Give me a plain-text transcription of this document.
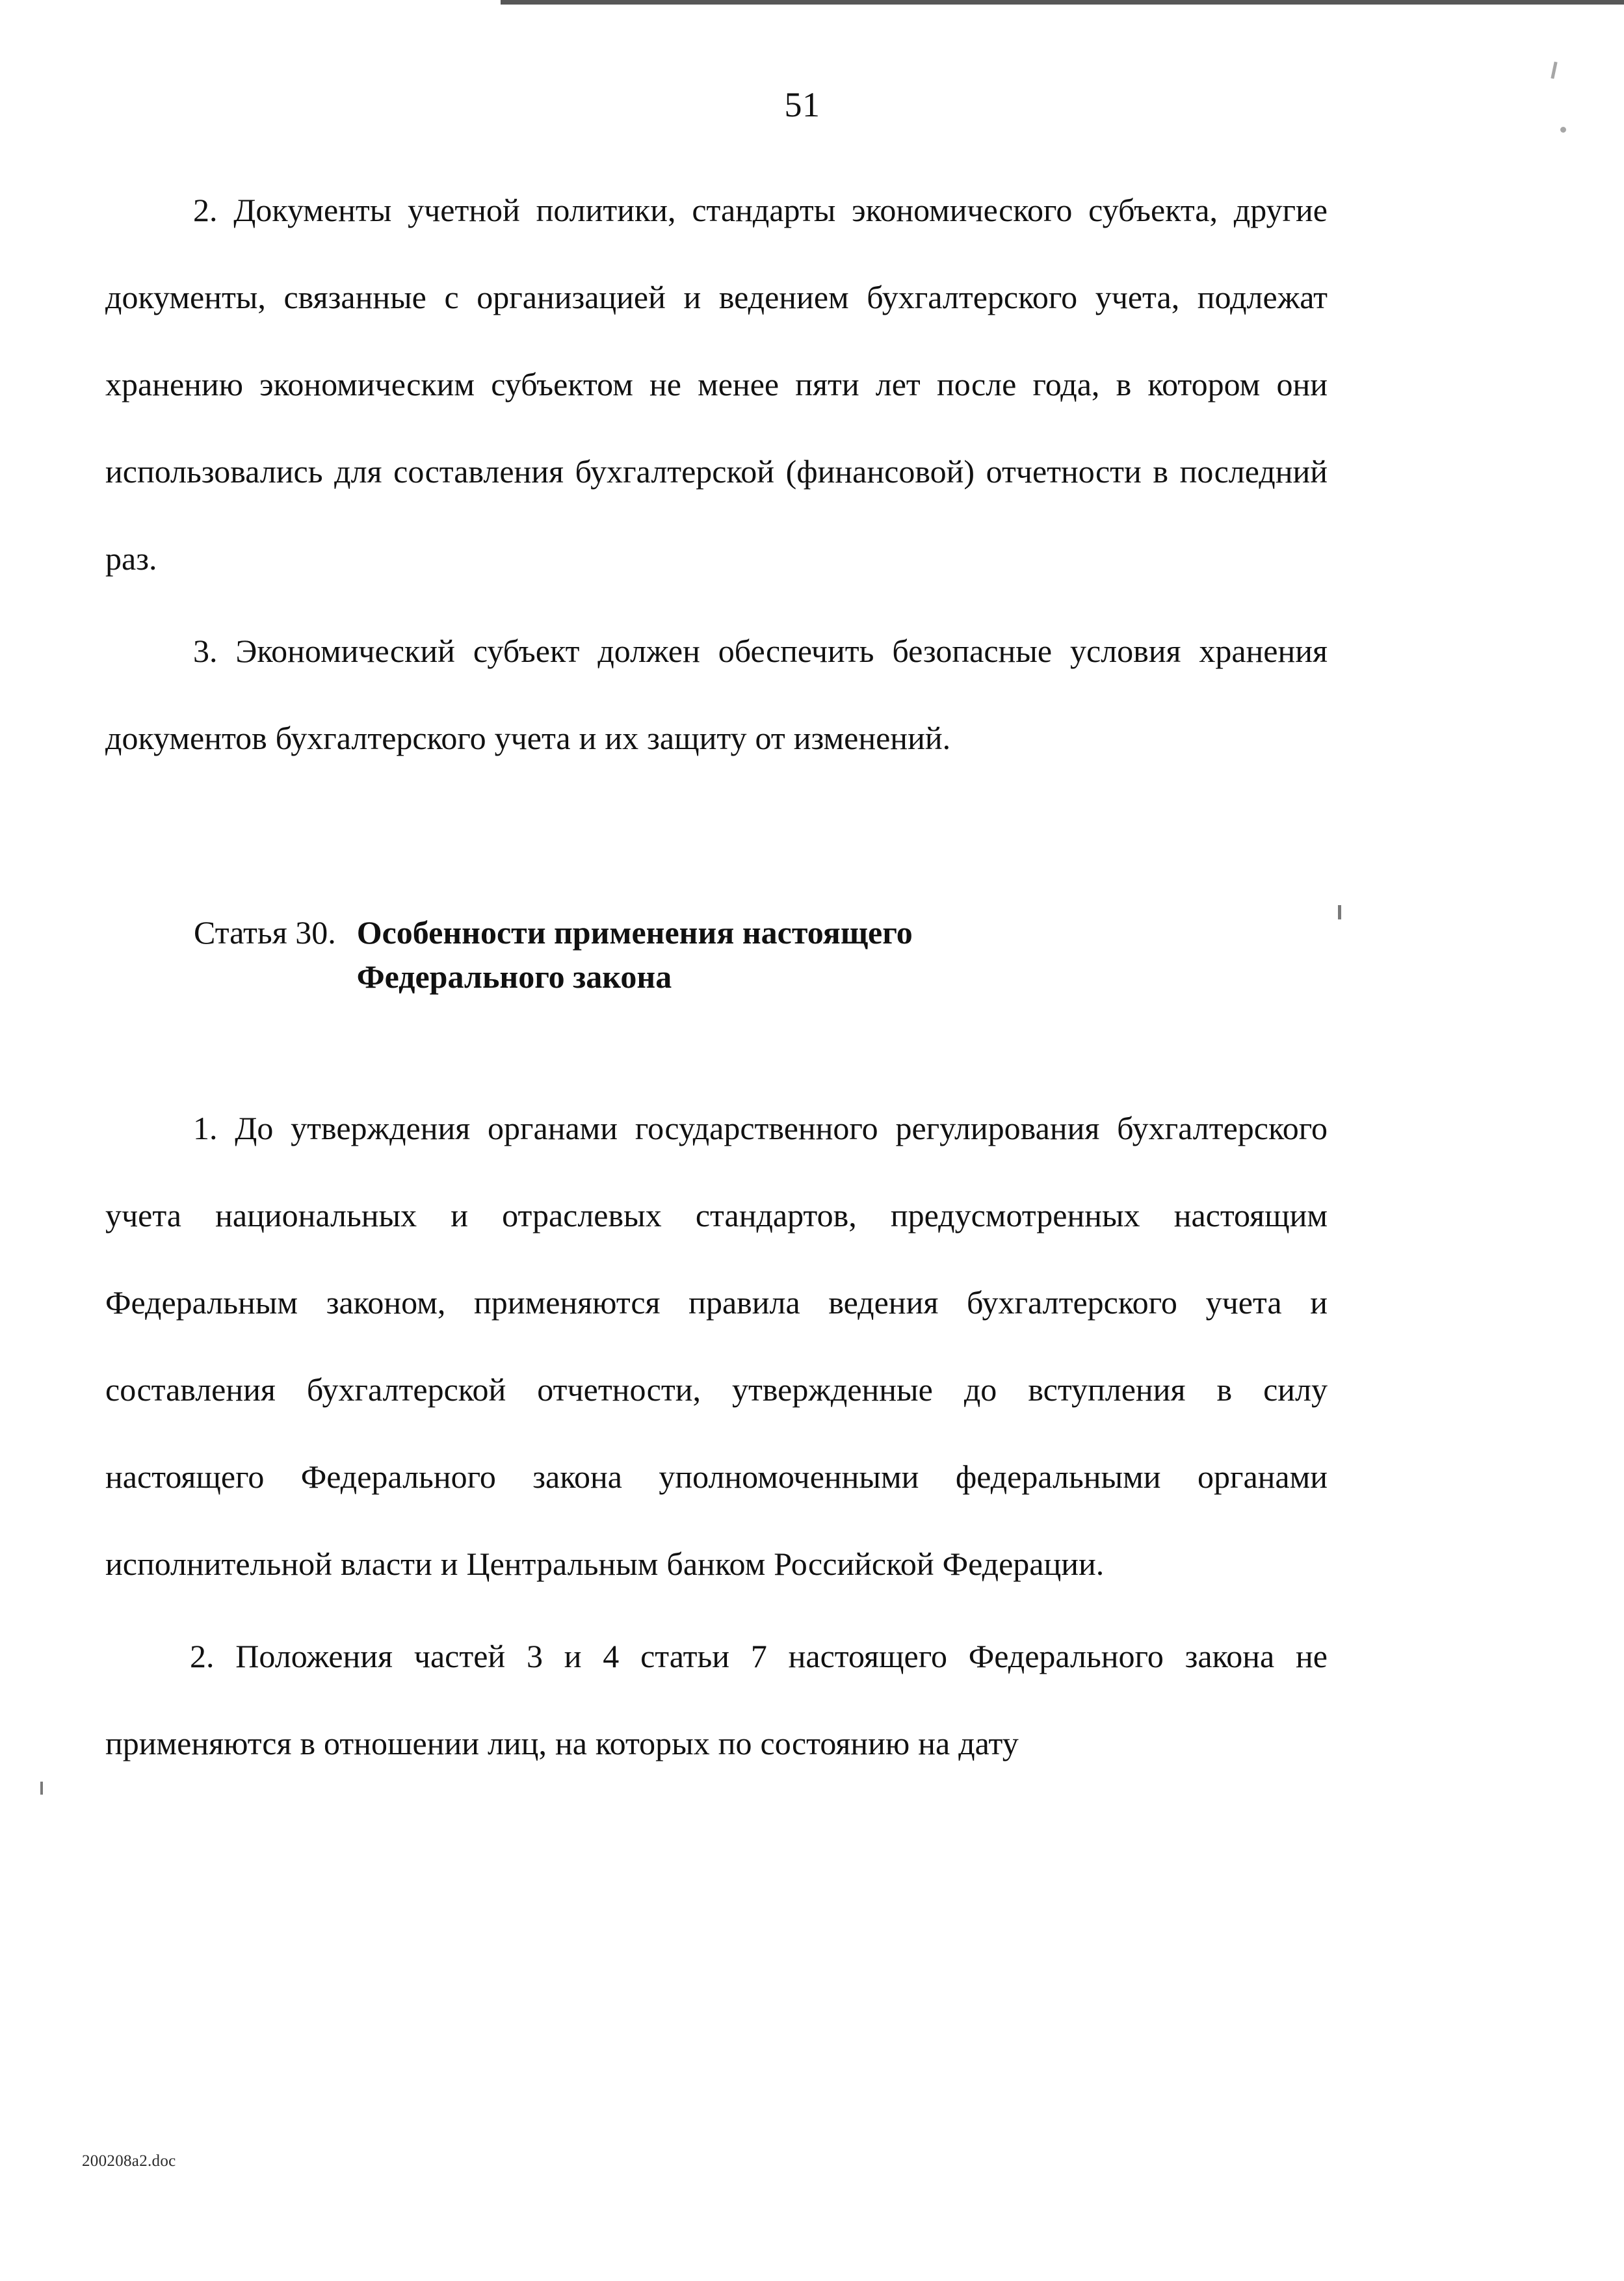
51

2. Документы учетной политики, стандарты экономического субъекта, другие документы, связанные с организацией и ведением бухгалтерского учета, подлежат хранению экономическим субъектом не менее пяти лет после года, в котором они использовались для составления бухгалтерской (финансовой) отчетности в последний раз.

3. Экономический субъект должен обеспечить безопасные условия хранения документов бухгалтерского учета и их защиту от изменений.

Статья 30. Особенности применения настоящего
Федерального закона

1. До утверждения органами государственного регулирования бухгалтерского учета национальных и отраслевых стандартов, предусмотренных настоящим Федеральным законом, применяются правила ведения бухгалтерского учета и составления бухгалтерской отчетности, утвержденные до вступления в силу настоящего Федерального закона уполномоченными федеральными органами исполнительной власти и Центральным банком Российской Федерации.

2. Положения частей 3 и 4 статьи 7 настоящего Федерального закона не применяются в отношении лиц, на которых по состоянию на дату

200208a2.doc
